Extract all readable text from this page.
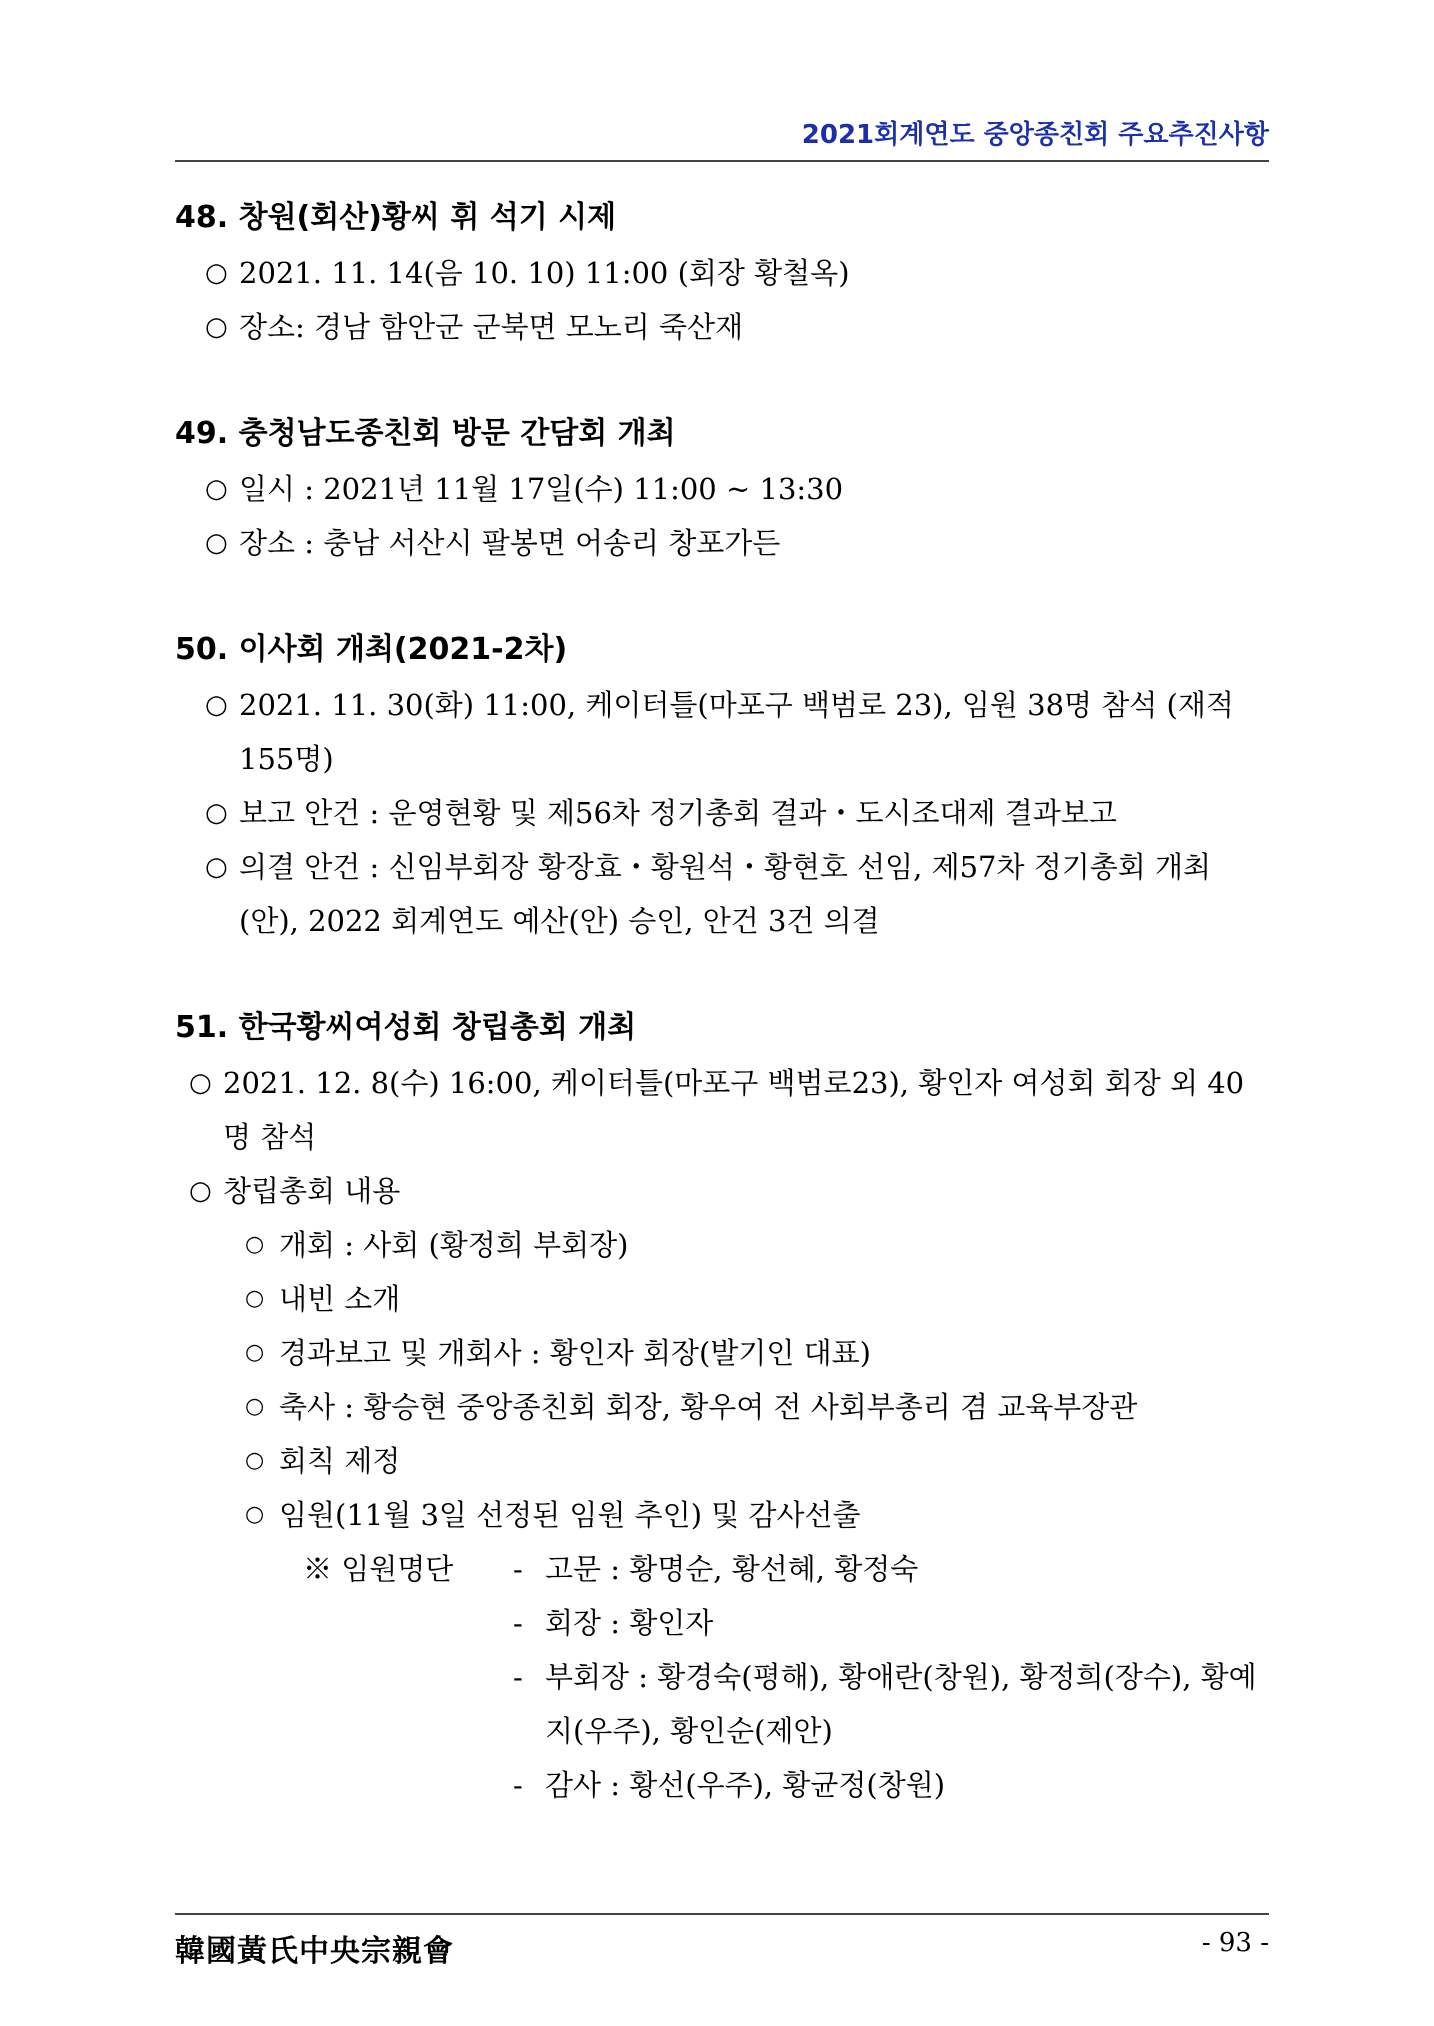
2021회계연도 중앙종친회 주요추진사항
48. 창원(회산)황씨 휘 석기 시제
○ 2021. 11. 14(음 10. 10) 11:00 (회장 황철옥)
○ 장소: 경남 함안군 군북면 모노리 죽산재
49. 충청남도종친회 방문 간담회 개최
○ 일시 : 2021년 11월 17일(수) 11:00 ~ 13:30
○ 장소 : 충남 서산시 팔봉면 어송리 창포가든
50. 이사회 개최(2021-2차)
○ 2021. 11. 30(화) 11:00, 케이터틀(마포구 백범로 23), 임원 38명 참석 (재적 155명)
○ 보고 안건 : 운영현황 및 제56차 정기총회 결과・도시조대제 결과보고
○ 의결 안건 : 신임부회장 황장효・황원석・황현호 선임, 제57차 정기총회 개최(안), 2022 회계연도 예산(안) 승인, 안건 3건 의결
51. 한국황씨여성회 창립총회 개최
○ 2021. 12. 8(수) 16:00, 케이터틀(마포구 백범로23), 황인자 여성회 회장 외 40명 참석
○ 창립총회 내용
○ 개회 : 사회 (황정희 부회장)
○ 내빈 소개
○ 경과보고 및 개회사 : 황인자 회장(발기인 대표)
○ 축사 : 황승현 중앙종친회 회장, 황우여 전 사회부총리 겸 교육부장관
○ 회칙 제정
○ 임원(11월 3일 선정된 임원 추인) 및 감사선출
※ 임원명단	- 고문 : 황명순, 황선혜, 황정숙
- 회장 : 황인자
- 부회장 : 황경숙(평해), 황애란(창원), 황정희(장수), 황예지(우주), 황인순(제안)
- 감사 : 황선(우주), 황균정(창원)
韓國黃氏中央宗親會	- 93 -
